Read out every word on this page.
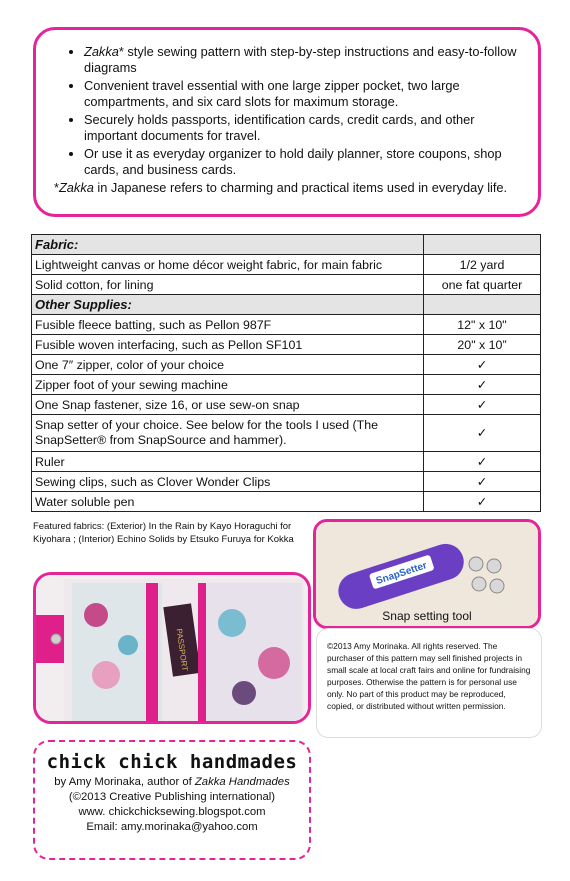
• Zakka* style sewing pattern with step-by-step instructions and easy-to-follow diagrams
• Convenient travel essential with one large zipper pocket, two large compartments, and six card slots for maximum storage.
• Securely holds passports, identification cards, credit cards, and other important documents for travel.
• Or use it as everyday organizer to hold daily planner, store coupons, shop cards, and business cards.
*Zakka in Japanese refers to charming and practical items used in everyday life.
Fabric:	
Lightweight canvas or home décor weight fabric, for main fabric	1/2 yard
Solid cotton, for lining	one fat quarter
Other Supplies:	
Fusible fleece batting, such as Pellon 987F	12" x 10"
Fusible woven interfacing, such as Pellon SF101	20" x 10”
One 7″ zipper, color of your choice	✓
Zipper foot of your sewing machine	✓
One Snap fastener, size 16, or use sew-on snap	✓
Snap setter of your choice. See below for the tools I used (The SnapSetter® from SnapSource and hammer).	✓
Ruler	✓
Sewing clips, such as Clover Wonder Clips	✓
Water soluble pen	✓
Featured fabrics: (Exterior) In the Rain by Kayo Horaguchi for Kiyohara ; (Interior) Echino Solids by Etsuko Furuya for Kokka
PASSPORT
SnapSetter
Snap setting tool
©2013 Amy Morinaka. All rights reserved. The purchaser of this pattern may sell finished projects in small scale at local craft fairs and online for fundraising purposes. Otherwise the pattern is for personal use only. No part of this product may be reproduced, copied, or distributed without written permission.
chick chick handmades
by Amy Morinaka, author of Zakka Handmades
(©2013 Creative Publishing international)
www. chickchicksewing.blogspot.com
Email: amy.morinaka@yahoo.com
